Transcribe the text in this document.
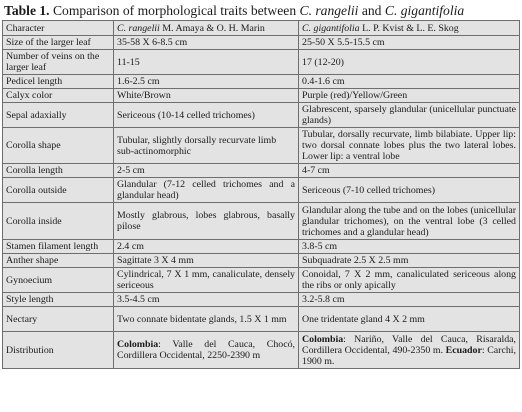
Table 1. Comparison of morphological traits between C. rangelii and C. gigantifolia
Character	C. rangelii M. Amaya & O. H. Marin	C. gigantifolia L. P. Kvist & L. E. Skog
Size of the larger leaf	35-58 X 6-8.5 cm	25-50 X 5.5-15.5 cm
Number of veins on the larger leaf	11-15	17 (12-20)
Pedicel length	1.6-2.5 cm	0.4-1.6 cm
Calyx color	White/Brown	Purple (red)/Yellow/Green
Sepal adaxially	Sericeous (10-14 celled trichomes)	Glabrescent, sparsely glandular (unicellular punctuate glands)
Corolla shape	Tubular, slightly dorsally recurvate limb sub-actinomorphic	Tubular, dorsally recurvate, limb bilabiate. Upper lip: two dorsal connate lobes plus the two lateral lobes. Lower lip: a ventral lobe
Corolla length	2-5 cm	4-7 cm
Corolla outside	Glandular (7-12 celled trichomes and a glandular head)	Sericeous (7-10 celled trichomes)
Corolla inside	Mostly glabrous, lobes glabrous, basally pilose	Glandular along the tube and on the lobes (unicellular glandular trichomes), on the ventral lobe (3 celled trichomes and a glandular head)
Stamen filament length	2.4 cm	3.8-5 cm
Anther shape	Sagittate 3 X 4 mm	Subquadrate 2.5 X 2.5 mm
Gynoecium	Cylindrical, 7 X 1 mm, canaliculate, densely sericeous	Conoidal, 7 X 2 mm, canaliculated sericeous along the ribs or only apically
Style length	3.5-4.5 cm	3.2-5.8 cm
Nectary	Two connate bidentate glands, 1.5 X 1 mm	One tridentate gland 4 X 2 mm
Distribution	Colombia: Valle del Cauca, Chocó, Cordillera Occidental, 2250-2390 m	Colombia: Nariño, Valle del Cauca, Risaralda, Cordillera Occidental, 490-2350 m. Ecuador: Carchi, 1900 m.
